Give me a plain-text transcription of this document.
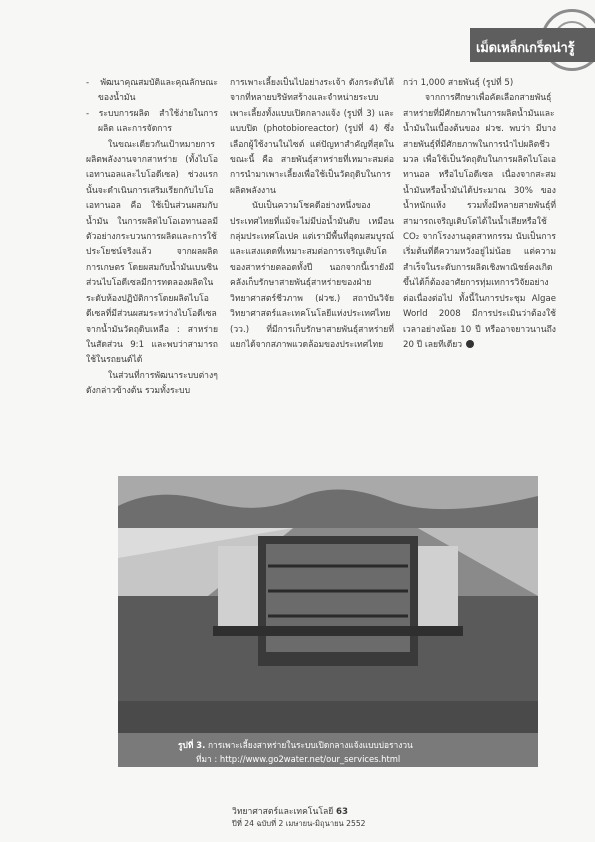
เม็ดเหล็กเกร็ดน่ารู้

- พัฒนาคุณสมบัติและคุณลักษณะของน้ำมัน

- ระบบการผลิต สำใช้ง่ายในการผลิต และการจัดการ

ในขณะเดียวกันเป้าหมายการผลิตพลังงานจากสาหร่าย (ทั้งไบโอเอทานอลและไบโอดีเซล) ช่วงแรกนั้นจะดำเนินการเสริมเรียกกับไบโอเอทานอล คือ ใช้เป็นส่วนผสมกับน้ำมัน ในการผลิตไบโอเอทานอลมีตัวอย่างกระบวนการผลิตและการใช้ประโยชน์จริงแล้ว จากผลผลิตการเกษตร โดยผสมกับน้ำมันเบนซิน ส่วนไบโอดีเซลมีการทดลองผลิตในระดับห้องปฏิบัติการโดยผลิตไบโอดีเซลที่มีส่วนผสมระหว่างไบโอดีเซลจากน้ำมันวัตถุดิบเหลือ : สาหร่าย ในสัดส่วน 9:1 และพบว่าสามารถใช้ในรถยนต์ได้

ในส่วนที่การพัฒนาระบบต่างๆ ดังกล่าวข้างต้น รวมทั้งระบบ

การเพาะเลี้ยงเป็นไปอย่างระเจ้า ดังกระดับได้จากที่หลายบริษัทสร้างและจำหน่ายระบบเพาะเลี้ยงทั้งแบบเปิดกลางแจ้ง (รูปที่ 3) และแบบปิด (photobioreactor) (รูปที่ 4) ซึ่งเลือกผู้ใช้งานในไซต์ แต่ปัญหาสำคัญที่สุดในขณะนี้ คือ สายพันธุ์สาหร่ายที่เหมาะสมต่อการนำมาเพาะเลี้ยงเพื่อใช้เป็นวัตถุดิบในการผลิตพลังงาน

นับเป็นความโชคดีอย่างหนึ่งของประเทศไทยที่แม้จะไม่มีบ่อน้ำมันดิบ เหมือนกลุ่มประเทศโอเปค แต่เรามีพื้นที่อุดมสมบูรณ์และแสงแดดที่เหมาะสมต่อการเจริญเติบโตของสาหร่ายตลอดทั้งปี นอกจากนี้เรายังมีคลังเก็บรักษาสายพันธุ์สาหร่ายของฝ่ายวิทยาศาสตร์ชีวภาพ (ฝวช.) สถาบันวิจัยวิทยาศาสตร์และเทคโนโลยีแห่งประเทศไทย (วว.) ที่มีการเก็บรักษาสายพันธุ์สาหร่ายที่แยกได้จากสภาพแวดล้อมของประเทศไทย

กว่า 1,000 สายพันธุ์ (รูปที่ 5)

จากการศึกษาเพื่อคัดเลือกสายพันธุ์สาหร่ายที่มีศักยภาพในการผลิตน้ำมันและน้ำมันในเบื้องต้นของ ฝวช. พบว่า มีบางสายพันธุ์ที่มีศักยภาพในการนำไปผลิตชีวมวล เพื่อใช้เป็นวัตถุดิบในการผลิตไบโอเอทานอล หรือไบโอดีเซล เนื่องจากสะสมน้ำมันหรือน้ำมันได้ประมาณ 30% ของน้ำหนักแห้ง รวมทั้งมีหลายสายพันธุ์ที่สามารถเจริญเติบโตได้ในน้ำเสียหรือใช้ CO₂ จากโรงงานอุตสาหกรรม นับเป็นการเริ่มต้นที่ดีความหวังอยู่ไม่น้อย แต่ความสำเร็จในระดับการผลิตเชิงพาณิชย์คงเกิดขึ้นได้ก็ต้องอาศัยการทุ่มเทการวิจัยอย่างต่อเนื่องต่อไป ทั้งนี้ในการประชุม Algae World 2008 มีการประเมินว่าต้องใช้เวลาอย่างน้อย 10 ปี หรืออาจยาวนานถึง 20 ปี เลยทีเดียว

รูปที่ 3. การเพาะเลี้ยงสาหร่ายในระบบเปิดกลางแจ้งแบบบ่อรางวน
ที่มา : http://www.go2water.net/our_services.html
วิทยาศาสตร์และเทคโนโลยี 63
ปีที่ 24 ฉบับที่ 2 เมษายน-มิถุนายน 2552
